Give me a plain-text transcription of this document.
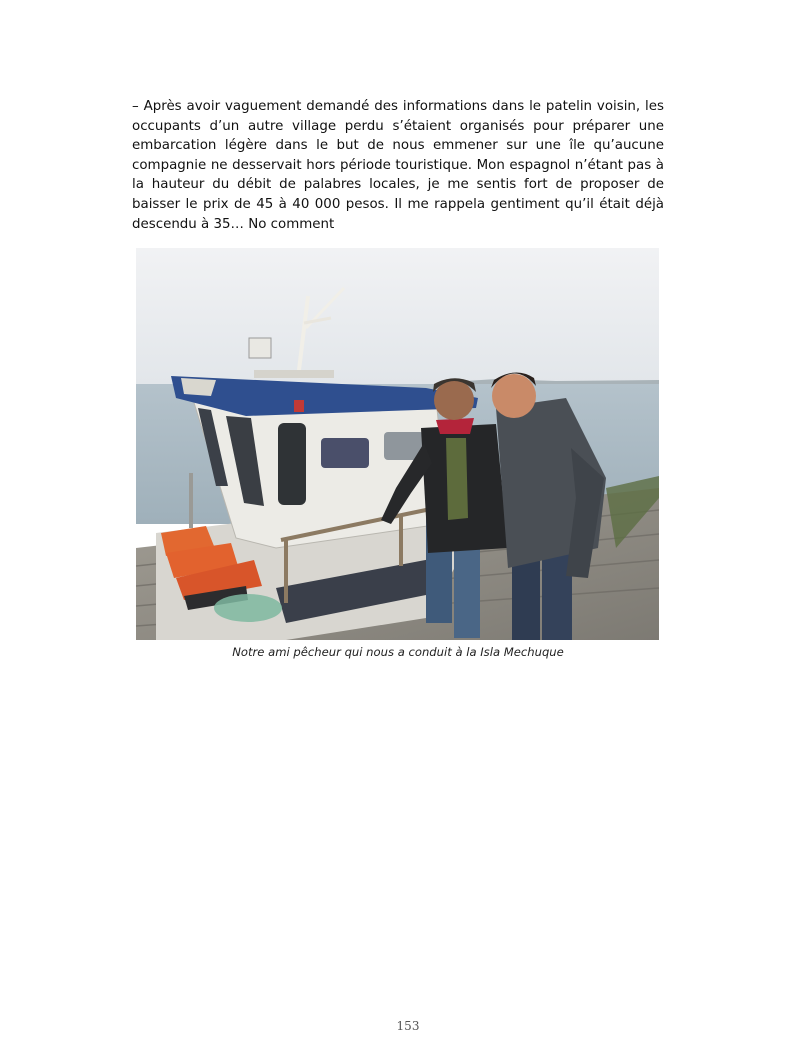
– Après avoir vaguement demandé des informations dans le patelin voisin, les occupants d’un autre village perdu s’étaient organisés pour préparer une embarcation légère dans le but de nous emmener sur une île qu’aucune compagnie ne desservait hors période touristique. Mon espagnol n’étant pas à la hauteur du débit de palabres locales, je me sentis fort de proposer de baisser le prix de 45 à 40 000 pesos. Il me rappela gentiment qu’il était déjà descendu à 35… No comment

Notre ami pêcheur qui nous a conduit à la Isla Mechuque
153
